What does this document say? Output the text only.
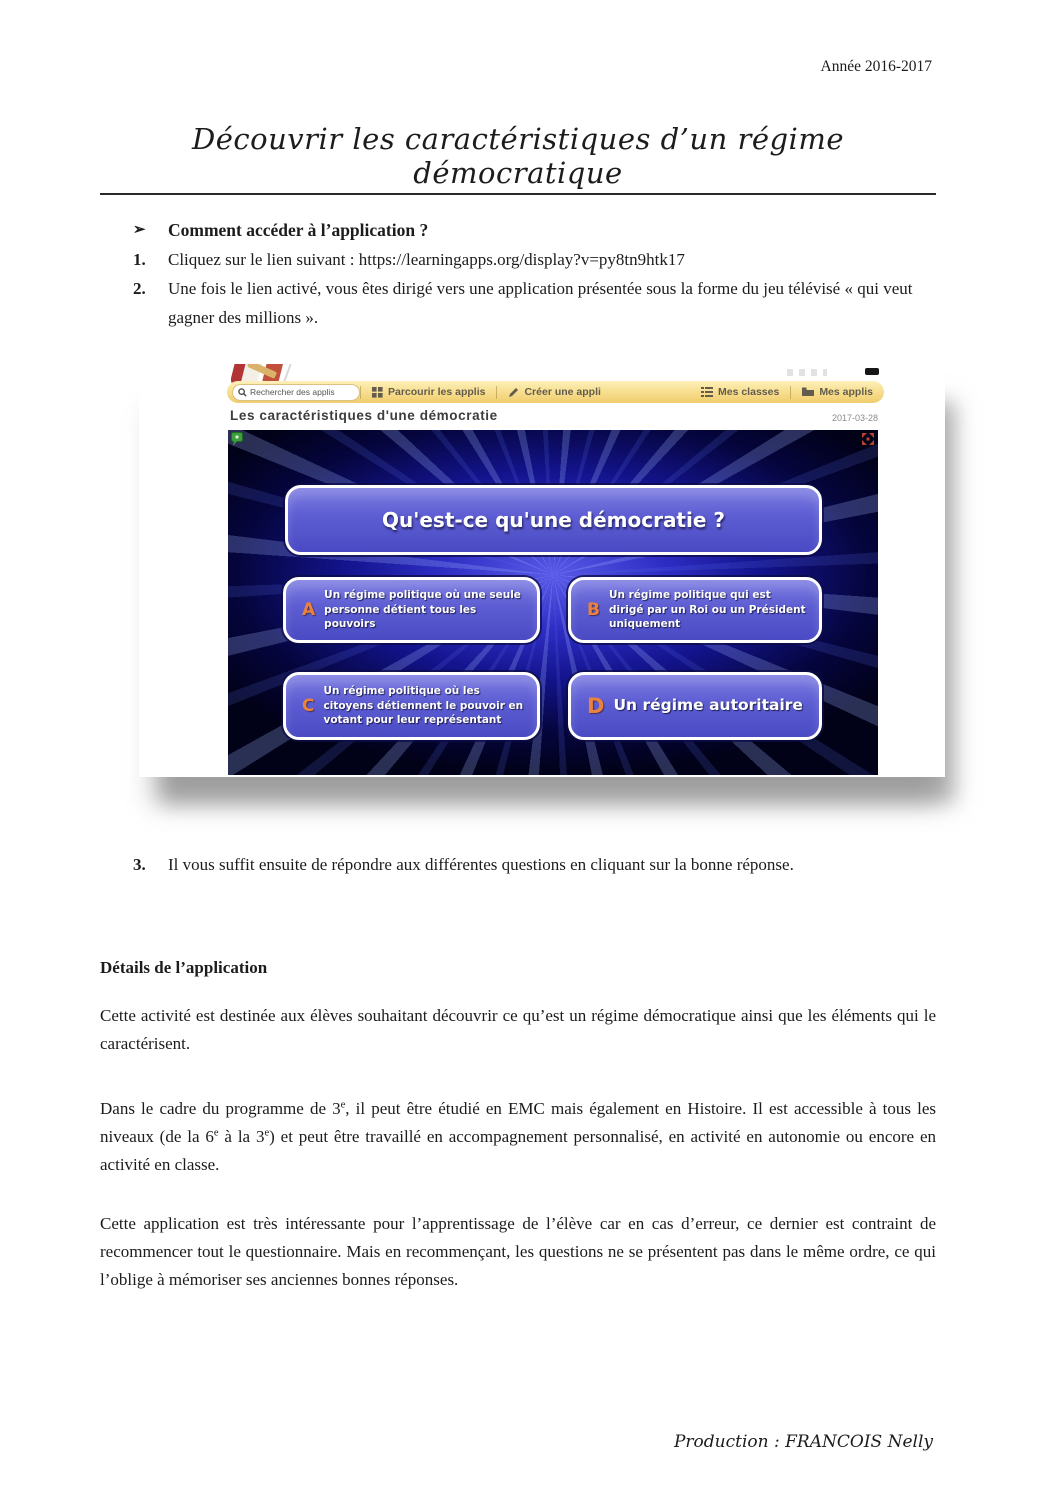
Année 2016-2017
Découvrir les caractéristiques d’un régime démocratique
➢	Comment accéder à l’application ?
1.	Cliquez sur le lien suivant : https://learningapps.org/display?v=py8tn9htk17
2.	Une fois le lien activé, vous êtes dirigé vers une application présentée sous la forme du jeu télévisé « qui veut gagner des millions ».
Rechercher des applis	Parcourir les applis	Créer une appli	Mes classes	Mes applis
Les caractéristiques d'une démocratie	2017-03-28
Qu'est-ce qu'une démocratie ?
A
Un régime politique où une seule personne détient tous les pouvoirs
B
Un régime politique qui est dirigé par un Roi ou un Président uniquement
C
Un régime politique où les citoyens détiennent le pouvoir en votant pour leur représentant
D Un régime autoritaire
3.	Il vous suffit ensuite de répondre aux différentes questions en cliquant sur la bonne réponse.
Détails de l’application

Cette activité est destinée aux élèves souhaitant découvrir ce qu’est un régime démocratique ainsi que les éléments qui le caractérisent.

Dans le cadre du programme de 3e, il peut être étudié en EMC mais également en Histoire. Il est accessible à tous les niveaux (de la 6e à la 3e) et peut être travaillé en accompagnement personnalisé, en activité en autonomie ou encore en activité en classe.

Cette application est très intéressante pour l’apprentissage de l’élève car en cas d’erreur, ce dernier est contraint de recommencer tout le questionnaire. Mais en recommençant, les questions ne se présentent pas dans le même ordre, ce qui l’oblige à mémoriser ses anciennes bonnes réponses.

Production : FRANCOIS Nelly
